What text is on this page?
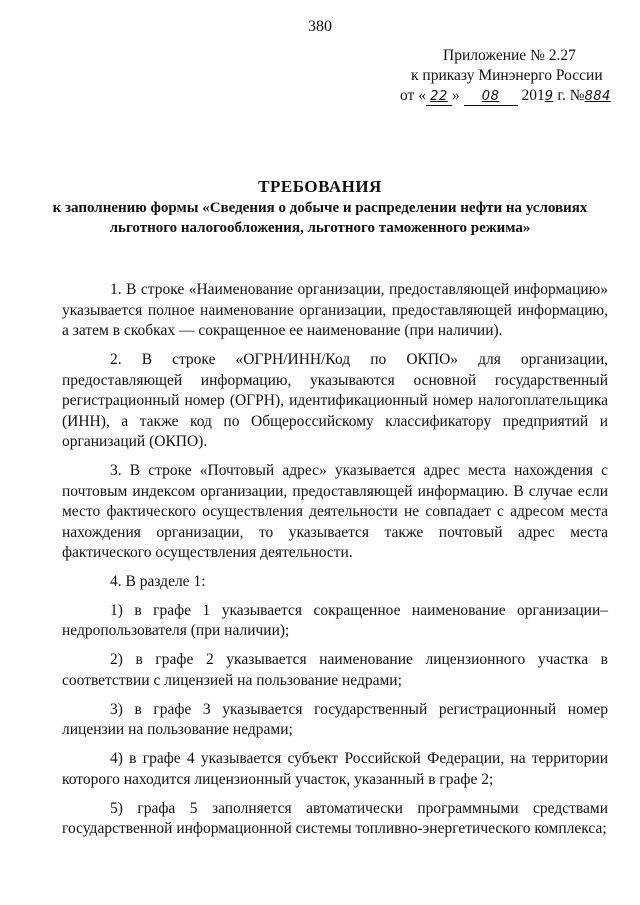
380
Приложение № 2.27
к приказу Минэнерго России
от « 22 » 08 2019 г. №884
ТРЕБОВАНИЯ
к заполнению формы «Сведения о добыче и распределении нефти на условиях
льготного налогообложения, льготного таможенного режима»

1. В строке «Наименование организации, предоставляющей информацию» указывается полное наименование организации, предоставляющей информацию, а затем в скобках — сокращенное ее наименование (при наличии).

2. В строке «ОГРН/ИНН/Код по ОКПО» для организации, предоставляющей информацию, указываются основной государственный регистрационный номер (ОГРН), идентификационный номер налогоплательщика (ИНН), а также код по Общероссийскому классификатору предприятий и организаций (ОКПО).

3. В строке «Почтовый адрес» указывается адрес места нахождения с почтовым индексом организации, предоставляющей информацию. В случае если место фактического осуществления деятельности не совпадает с адресом места нахождения организации, то указывается также почтовый адрес места фактического осуществления деятельности.

4. В разделе 1:

1) в графе 1 указывается сокращенное наименование организации–недропользователя (при наличии);

2) в графе 2 указывается наименование лицензионного участка в соответствии с лицензией на пользование недрами;

3) в графе 3 указывается государственный регистрационный номер лицензии на пользование недрами;

4) в графе 4 указывается субъект Российской Федерации, на территории которого находится лицензионный участок, указанный в графе 2;

5) графа 5 заполняется автоматически программными средствами государственной информационной системы топливно-энергетического комплекса;
